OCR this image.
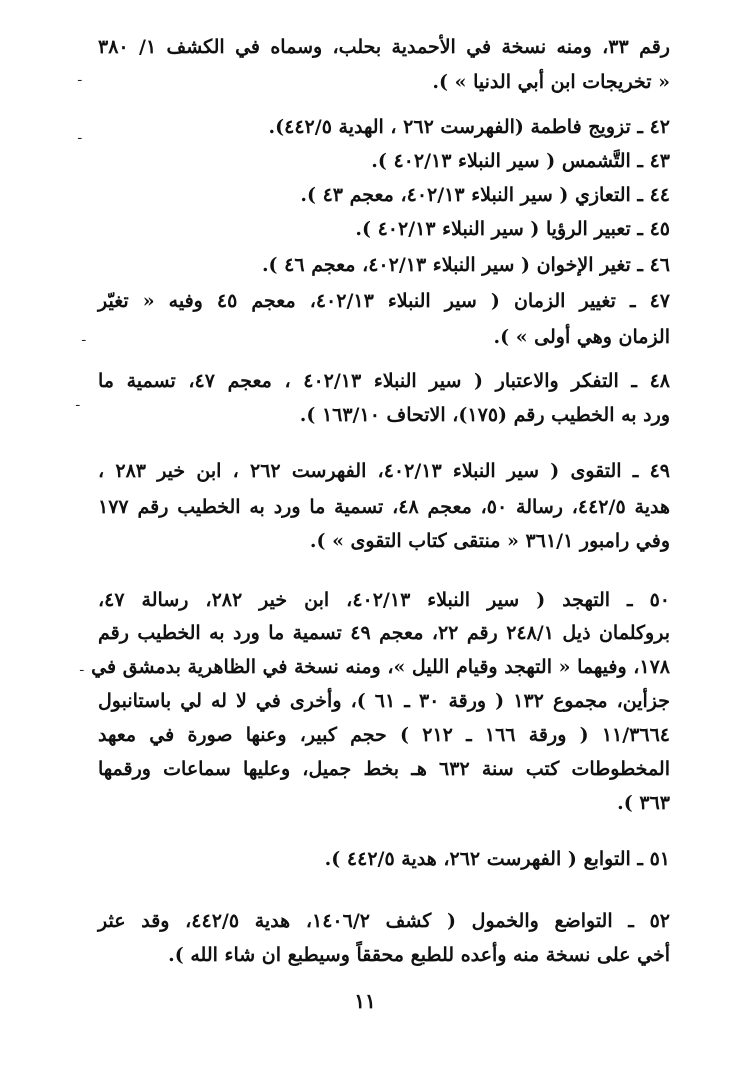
رقم ٣٣، ومنه نسخة في الأحمدية بحلب، وسماه في الكشف ١/ ٣٨٠
« تخريجات ابن أبي الدنيا » ).
٤٢ ـ تزويج فاطمة (الفهرست ٢٦٢ ، الهدية ٤٤٢/٥).
٤٣ ـ التَّشمس ( سير النبلاء ٤٠٢/١٣ ).
٤٤ ـ التعازي ( سير النبلاء ٤٠٢/١٣، معجم ٤٣ ).
٤٥ ـ تعبير الرؤيا ( سير النبلاء ٤٠٢/١٣ ).
٤٦ ـ تغير الإخوان ( سير النبلاء ٤٠٢/١٣، معجم ٤٦ ).
٤٧ ـ تغيير الزمان ( سير النبلاء ٤٠٢/١٣، معجم ٤٥ وفيه « تغيّر
الزمان وهي أولى » ).
٤٨ ـ التفكر والاعتبار ( سير النبلاء ٤٠٢/١٣ ، معجم ٤٧، تسمية ما
ورد به الخطيب رقم (١٧٥)، الاتحاف ١٦٣/١٠ ).
٤٩ ـ التقوى ( سير النبلاء ٤٠٢/١٣، الفهرست ٢٦٢ ، ابن خير ٢٨٣ ،
هدية ٤٤٢/٥، رسالة ٥٠، معجم ٤٨، تسمية ما ورد به الخطيب رقم ١٧٧
وفي رامبور ٣٦١/١ « منتقى كتاب التقوى » ).
٥٠ ـ التهجد ( سير النبلاء ٤٠٢/١٣، ابن خير ٢٨٢، رسالة ٤٧،
بروكلمان ذيل ٢٤٨/١ رقم ٢٢، معجم ٤٩ تسمية ما ورد به الخطيب رقم
١٧٨، وفيهما « التهجد وقيام الليل »، ومنه نسخة في الظاهرية بدمشق في
جزأين، مجموع ١٣٢ ( ورقة ٣٠ ـ ٦١ )، وأخرى في لا له لي باستانبول
١١/٣٦٦٤ ( ورقة ١٦٦ ـ ٢١٢ ) حجم كبير، وعنها صورة في معهد
المخطوطات كتب سنة ٦٣٢ هـ بخط جميل، وعليها سماعات ورقمها
٣٦٣ ).
٥١ ـ التوابع ( الفهرست ٢٦٢، هدية ٤٤٢/٥ ).
٥٢ ـ التواضع والخمول ( كشف ١٤٠٦/٢، هدية ٤٤٢/٥، وقد عثر
أخي على نسخة منه وأعده للطبع محققاً وسيطبع ان شاء الله ).
١١
ـ
ـ
ـ
ـ
ـ
